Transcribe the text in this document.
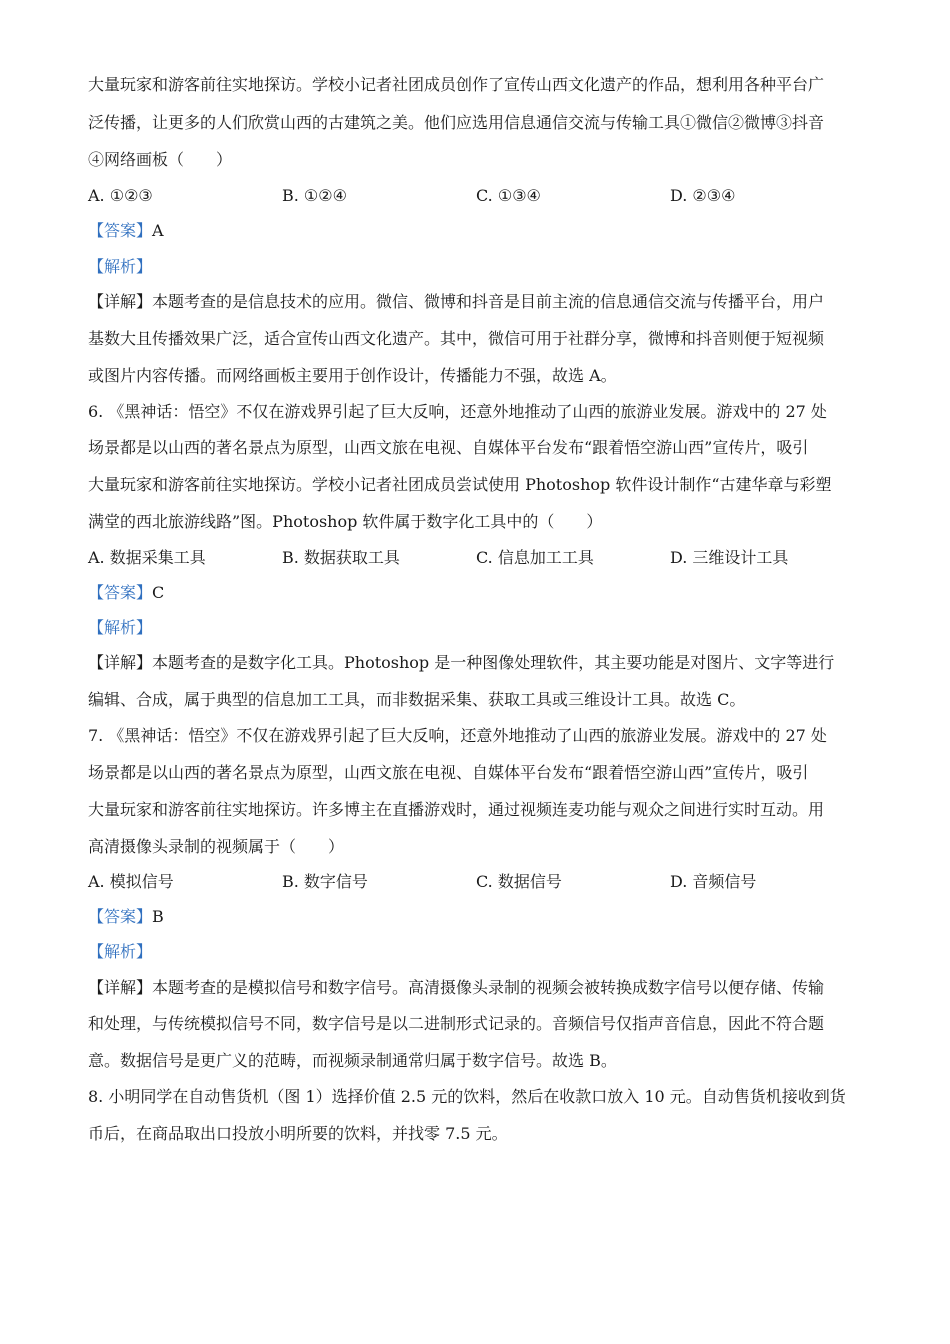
大量玩家和游客前往实地探访。学校小记者社团成员创作了宣传山西文化遗产的作品，想利用各种平台广
泛传播，让更多的人们欣赏山西的古建筑之美。他们应选用信息通信交流与传输工具①微信②微博③抖音
④网络画板（　　）
A. ①②③	B. ①②④	C. ①③④	D. ②③④
【答案】A
【解析】
【详解】本题考查的是信息技术的应用。微信、微博和抖音是目前主流的信息通信交流与传播平台，用户
基数大且传播效果广泛，适合宣传山西文化遗产。其中，微信可用于社群分享，微博和抖音则便于短视频
或图片内容传播。而网络画板主要用于创作设计，传播能力不强，故选 A。
6. 《黑神话：悟空》不仅在游戏界引起了巨大反响，还意外地推动了山西的旅游业发展。游戏中的 27 处
场景都是以山西的著名景点为原型，山西文旅在电视、自媒体平台发布“跟着悟空游山西”宣传片，吸引
大量玩家和游客前往实地探访。学校小记者社团成员尝试使用 Photoshop 软件设计制作“古建华章与彩塑
满堂的西北旅游线路”图。Photoshop 软件属于数字化工具中的（　　）
A. 数据采集工具	B. 数据获取工具	C. 信息加工工具	D. 三维设计工具
【答案】C
【解析】
【详解】本题考查的是数字化工具。Photoshop 是一种图像处理软件，其主要功能是对图片、文字等进行
编辑、合成，属于典型的信息加工工具，而非数据采集、获取工具或三维设计工具。故选 C。
7. 《黑神话：悟空》不仅在游戏界引起了巨大反响，还意外地推动了山西的旅游业发展。游戏中的 27 处
场景都是以山西的著名景点为原型，山西文旅在电视、自媒体平台发布“跟着悟空游山西”宣传片，吸引
大量玩家和游客前往实地探访。许多博主在直播游戏时，通过视频连麦功能与观众之间进行实时互动。用
高清摄像头录制的视频属于（　　）
A. 模拟信号	B. 数字信号	C. 数据信号	D. 音频信号
【答案】B
【解析】
【详解】本题考查的是模拟信号和数字信号。高清摄像头录制的视频会被转换成数字信号以便存储、传输
和处理，与传统模拟信号不同，数字信号是以二进制形式记录的。音频信号仅指声音信息，因此不符合题
意。数据信号是更广义的范畴，而视频录制通常归属于数字信号。故选 B。
8. 小明同学在自动售货机（图 1）选择价值 2.5 元的饮料，然后在收款口放入 10 元。自动售货机接收到货
币后，在商品取出口投放小明所要的饮料，并找零 7.5 元。
